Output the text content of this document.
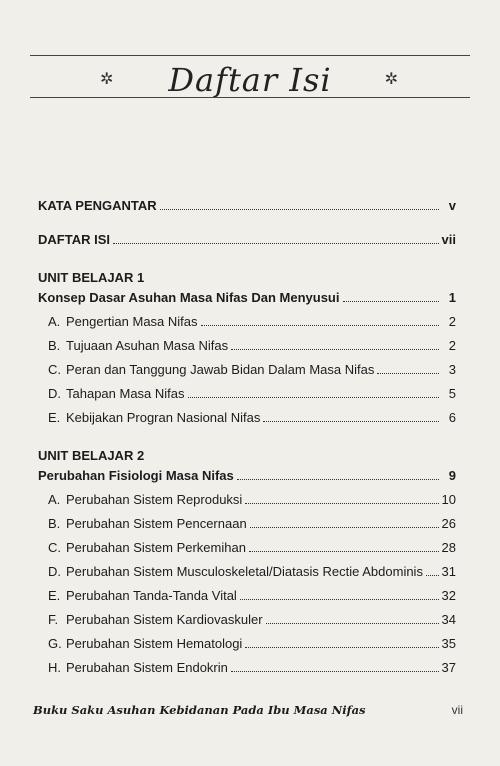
✲	Daftar Isi	✲
KATA PENGANTAR	v
DAFTAR ISI	vii
UNIT BELAJAR 1
Konsep Dasar Asuhan Masa Nifas Dan Menyusui	1
A. Pengertian Masa Nifas	2
B. Tujuaan Asuhan Masa Nifas	2
C. Peran dan Tanggung Jawab Bidan Dalam Masa Nifas	3
D. Tahapan Masa Nifas	5
E. Kebijakan Progran Nasional Nifas	6
UNIT BELAJAR 2
Perubahan Fisiologi Masa Nifas	9
A. Perubahan Sistem Reproduksi	10
B. Perubahan Sistem Pencernaan	26
C. Perubahan Sistem Perkemihan	28
D. Perubahan Sistem Musculoskeletal/Diatasis Rectie Abdominis 31
E. Perubahan Tanda-Tanda Vital	32
F. Perubahan Sistem Kardiovaskuler	34
G. Perubahan Sistem Hematologi	35
H. Perubahan Sistem Endokrin	37
Buku Saku Asuhan Kebidanan Pada Ibu Masa Nifas	vii
